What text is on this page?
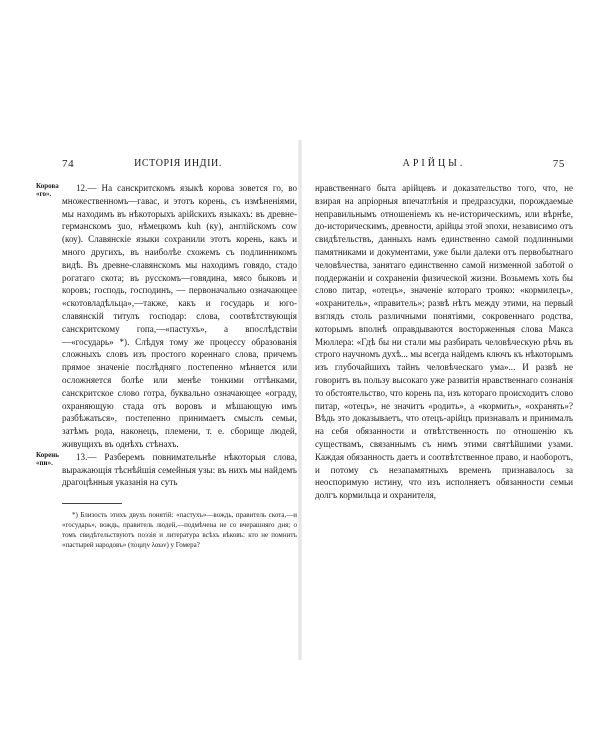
74	ИСТОРІЯ ИНДІИ.

Корова «го».
12.— На санскритскомъ языкѣ корова зовется го, во множественномъ—гавас, и этотъ корень, съ измѣненіями, мы находимъ въ нѣкоторыхъ арійскихъ языкахъ: въ древне-германскомъ ʒuo, нѣмецкомъ kuh (ку), англійскомъ cow (коу). Славянскіе языки сохранили этотъ корень, какъ и много другихъ, въ наиболѣе схожемъ съ подлинникомъ видѣ. Въ древне-славянскомъ мы находимъ говядо, стадо рогатаго скота; въ русскомъ—говядина, мясо быковъ и коровъ; господь, господинъ, — первоначально означающее «скотовладѣльца»,—также, какъ и государь и юго-славянскій титулъ господар: слова, соотвѣтствующія санскритскому гопа,—«пастухъ», а впослѣдствіи—«государь» *). Слѣдуя тому же процессу образованія сложныхъ словъ изъ простого кореннаго слова, причемъ прямое значеніе послѣдняго постепенно мѣняется или осложняется болѣе или менѣе тонкими оттѣнками, санскритское слово готра, буквально означающее «ограду, охраняющую стада отъ воровъ и мѣшающую имъ разбѣжаться», постепенно принимаетъ смыслъ семьи, затѣмъ рода, наконецъ, племени, т. е. сборище людей, живущихъ въ однѣхъ стѣнахъ.

Корень «пи».
13.— Разберемъ повнимательнѣе нѣкоторыя слова, выражающія тѣснѣйшія семейныя узы: въ нихъ мы найдемъ драгоцѣнныя указанія на суть

*) Близость этихъ двухъ понятій: «пастухъ»—вождь, правитель скота,—и «государь», вождь, правитель людей,—подмѣчена не со вчерашняго дня; о томъ свидѣтельствуютъ поэзія и литература всѣхъ вѣковъ: кто не помнитъ «пастырей народовъ» (ποιμην λαων) у Гомера?
АРІЙЦЫ.	75

нравственнаго быта арійцевъ и доказательство того, что, не взирая на апріорныя впечатлѣнія и предразсудки, порождаемые неправильнымъ отношеніемъ къ не-историческимъ, или вѣрнѣе, до-историческимъ, древности, арійцы этой эпохи, независимо отъ свидѣтельствъ, данныхъ намъ единственно самой подлинными памятниками и документами, уже были далеки отъ первобытнаго человѣчества, занятаго единственно самой низменной заботой о поддержаніи и сохраненіи физической жизни. Возьмемъ хоть бы слово питар, «отецъ», значеніе котораго трояко: «кормилецъ», «охранитель», «правитель»; развѣ нѣтъ между этими, на первый взглядъ столь различными понятіями, сокровеннаго родства, которымъ вполнѣ оправдываются восторженныя слова Макса Мюллера: «Гдѣ бы ни стали мы разбирать человѣческую рѣчь въ строго научномъ духѣ... мы всегда найдемъ ключъ къ нѣкоторымъ изъ глубочайшихъ тайнъ человѣческаго ума»... И развѣ не говоритъ въ пользу высокаго уже развитія нравственнаго сознанія то обстоятельство, что корень па, изъ котораго происходитъ слово питар, «отецъ», не значитъ «родить», а «кормить», «охранять»? Вѣдь это доказываетъ, что отецъ-арійцъ признавалъ и принималъ на себя обязанности и отвѣтственность по отношенію къ существамъ, связаннымъ съ нимъ этими святѣйшими узами. Каждая обязанность даетъ и соотвѣтственное право, и наоборотъ, и потому съ незапамятныхъ временъ признавалось за неоспоримую истину, что изъ исполняетъ обязанности семьи долгъ кормильца и охранителя,
